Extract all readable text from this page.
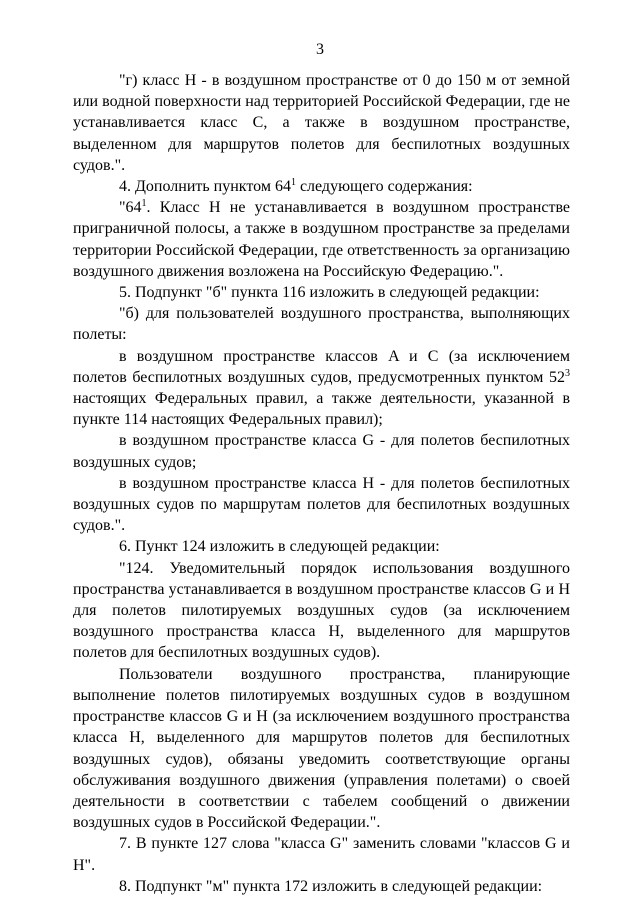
3

"г) класс H - в воздушном пространстве от 0 до 150 м от земной или водной поверхности над территорией Российской Федерации, где не устанавливается класс C, а также в воздушном пространстве, выделенном для маршрутов полетов для беспилотных воздушных судов.".

4. Дополнить пунктом $64^1$ следующего содержания:

"$64^1$. Класс H не устанавливается в воздушном пространстве приграничной полосы, а также в воздушном пространстве за пределами территории Российской Федерации, где ответственность за организацию воздушного движения возложена на Российскую Федерацию.".

5. Подпункт "б" пункта 116 изложить в следующей редакции:

"б) для пользователей воздушного пространства, выполняющих полеты:

в воздушном пространстве классов A и C (за исключением полетов беспилотных воздушных судов, предусмотренных пунктом $52^3$ настоящих Федеральных правил, а также деятельности, указанной в пункте 114 настоящих Федеральных правил);

в воздушном пространстве класса G - для полетов беспилотных воздушных судов;

в воздушном пространстве класса H - для полетов беспилотных воздушных судов по маршрутам полетов для беспилотных воздушных судов.".

6. Пункт 124 изложить в следующей редакции:

"124. Уведомительный порядок использования воздушного пространства устанавливается в воздушном пространстве классов G и H для полетов пилотируемых воздушных судов (за исключением воздушного пространства класса H, выделенного для маршрутов полетов для беспилотных воздушных судов).

Пользователи воздушного пространства, планирующие выполнение полетов пилотируемых воздушных судов в воздушном пространстве классов G и H (за исключением воздушного пространства класса H, выделенного для маршрутов полетов для беспилотных воздушных судов), обязаны уведомить соответствующие органы обслуживания воздушного движения (управления полетами) о своей деятельности в соответствии с табелем сообщений о движении воздушных судов в Российской Федерации.".

7. В пункте 127 слова "класса G" заменить словами "классов G и H".

8. Подпункт "м" пункта 172 изложить в следующей редакции:
